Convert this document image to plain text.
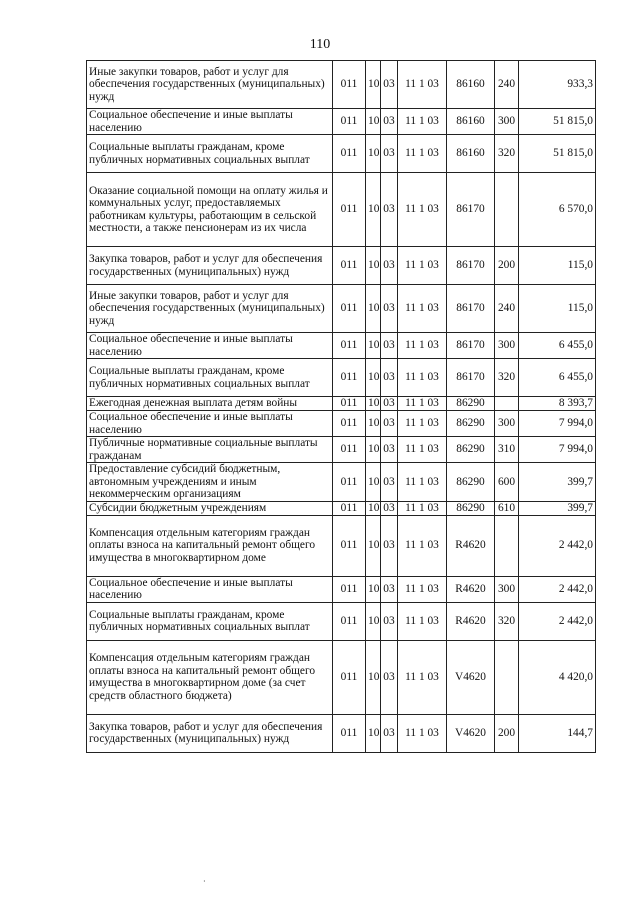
110
Иные закупки товаров, работ и услуг для обеспечения государственных (муниципальных) нужд	011	10	03	11 1 03	86160	240	933,3
Социальное обеспечение и иные выплаты населению	011	10	03	11 1 03	86160	300	51 815,0
Социальные выплаты гражданам, кроме публичных нормативных социальных выплат	011	10	03	11 1 03	86160	320	51 815,0
Оказание социальной помощи на оплату жилья и коммунальных услуг, предоставляемых работникам культуры, работающим в сельской местности, а также пенсионерам из их числа	011	10	03	11 1 03	86170		6 570,0
Закупка товаров, работ и услуг для обеспечения государственных (муниципальных) нужд	011	10	03	11 1 03	86170	200	115,0
Иные закупки товаров, работ и услуг для обеспечения государственных (муниципальных) нужд	011	10	03	11 1 03	86170	240	115,0
Социальное обеспечение и иные выплаты населению	011	10	03	11 1 03	86170	300	6 455,0
Социальные выплаты гражданам, кроме публичных нормативных социальных выплат	011	10	03	11 1 03	86170	320	6 455,0
Ежегодная денежная выплата детям войны	011	10	03	11 1 03	86290		8 393,7
Социальное обеспечение и иные выплаты населению	011	10	03	11 1 03	86290	300	7 994,0
Публичные нормативные социальные выплаты гражданам	011	10	03	11 1 03	86290	310	7 994,0
Предоставление субсидий бюджетным, автономным учреждениям и иным некоммерческим организациям	011	10	03	11 1 03	86290	600	399,7
Субсидии бюджетным учреждениям	011	10	03	11 1 03	86290	610	399,7
Компенсация отдельным категориям граждан оплаты взноса на капитальный ремонт общего имущества в многоквартирном доме	011	10	03	11 1 03	R4620		2 442,0
Социальное обеспечение и иные выплаты населению	011	10	03	11 1 03	R4620	300	2 442,0
Социальные выплаты гражданам, кроме публичных нормативных социальных выплат	011	10	03	11 1 03	R4620	320	2 442,0
Компенсация отдельным категориям граждан оплаты взноса на капитальный ремонт общего имущества в многоквартирном доме (за счет средств областного бюджета)	011	10	03	11 1 03	V4620		4 420,0
Закупка товаров, работ и услуг для обеспечения государственных (муниципальных) нужд	011	10	03	11 1 03	V4620	200	144,7
·
